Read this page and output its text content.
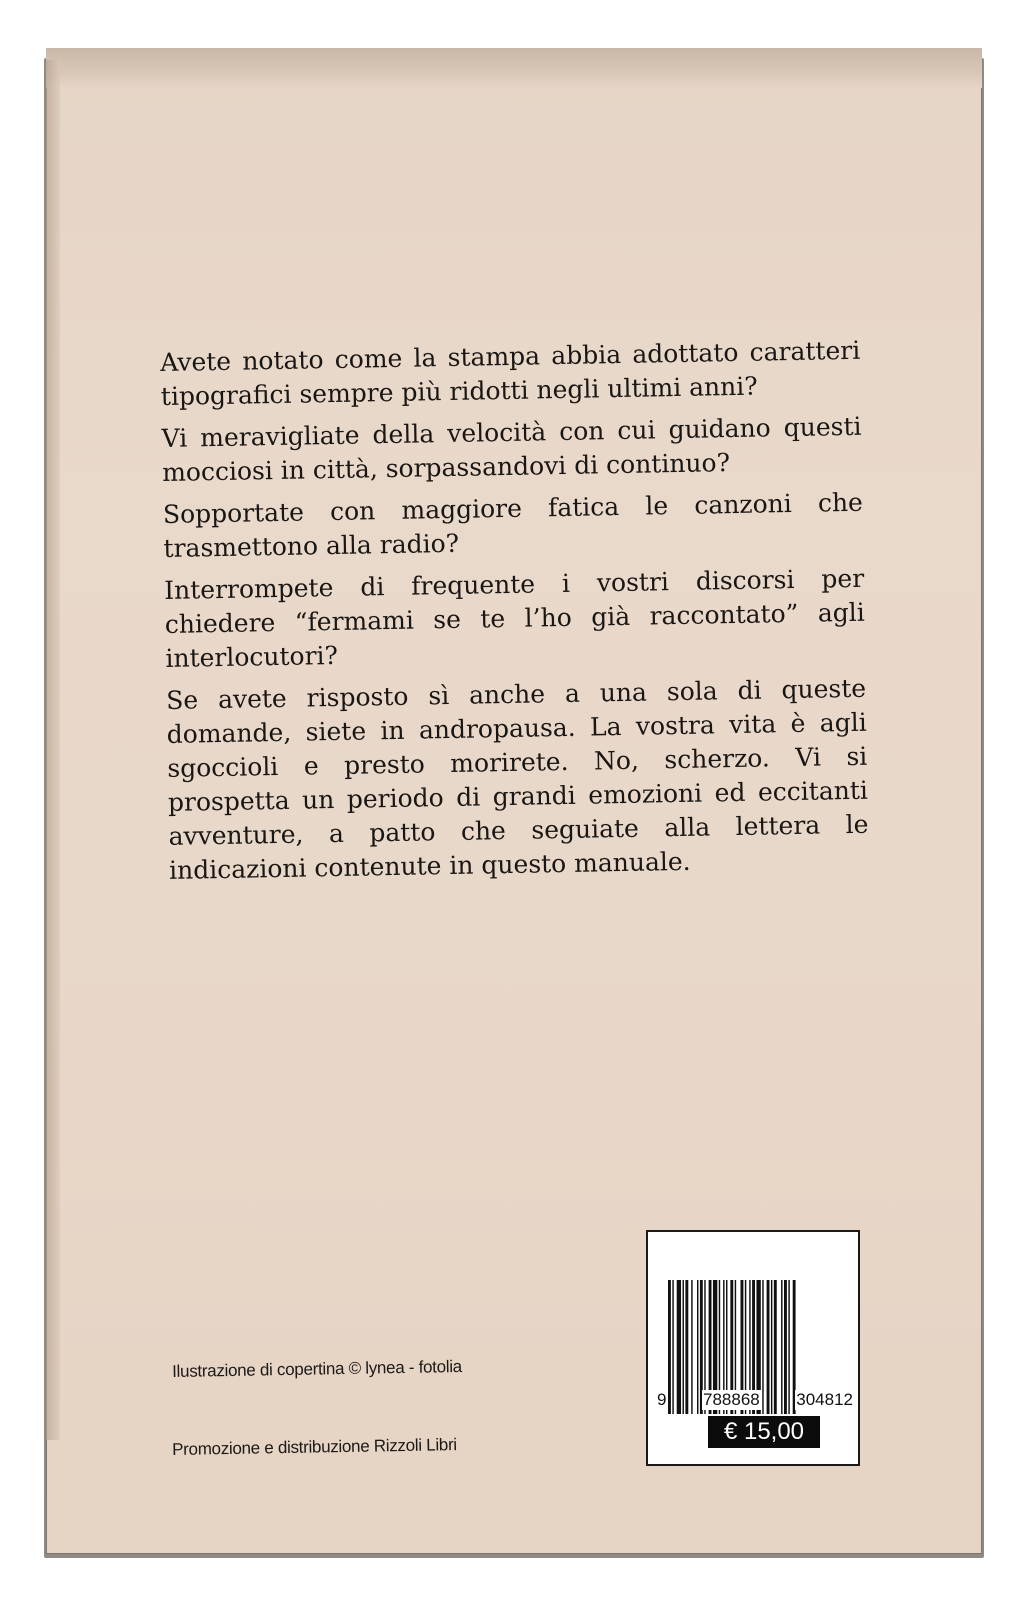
Avete notato come la stampa abbia adottato caratteri tipografici sempre più ridotti negli ultimi anni?

Vi meravigliate della velocità con cui guidano questi mocciosi in città, sorpassandovi di continuo?

Sopportate con maggiore fatica le canzoni che trasmettono alla radio?

Interrompete di frequente i vostri discorsi per chiedere “fermami se te l’ho già raccontato” agli interlocutori?

Se avete risposto sì anche a una sola di queste domande, siete in andropausa. La vostra vita è agli sgoccioli e presto morirete. No, scherzo. Vi si prospetta un periodo di grandi emozioni ed eccitanti avventure, a patto che seguiate alla lettera le indicazioni contenute in questo manuale.

Ilustrazione di copertina © lynea - fotolia
Promozione e distribuzione Rizzoli Libri
9 788868 304812
€ 15,00
